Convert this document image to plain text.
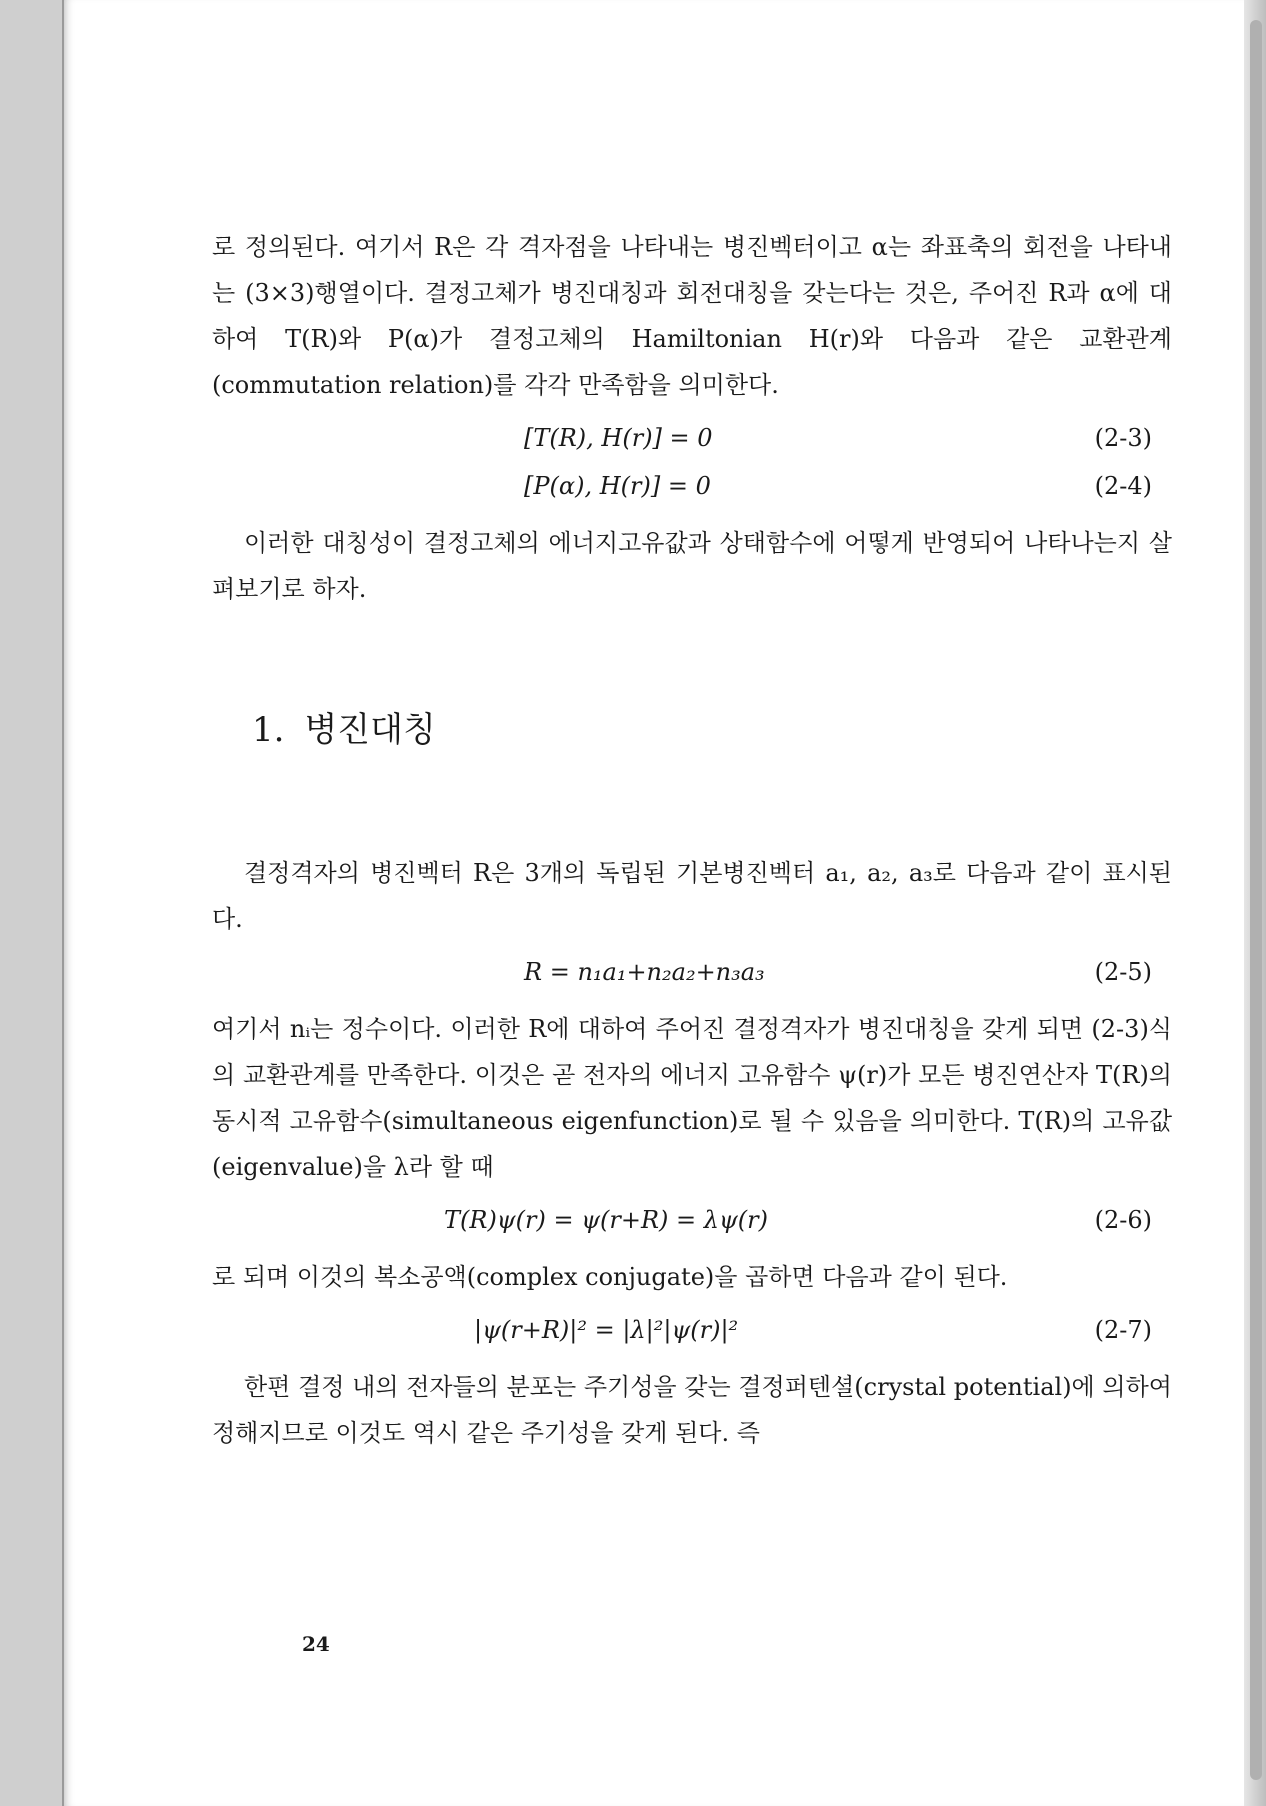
로 정의된다. 여기서 R은 각 격자점을 나타내는 병진벡터이고 α는 좌표축의 회전을 나타내는 (3×3)행열이다. 결정고체가 병진대칭과 회전대칭을 갖는다는 것은, 주어진 R과 α에 대하여 T(R)와 P(α)가 결정고체의 Hamiltonian H(r)와 다음과 같은 교환관계(commutation relation)를 각각 만족함을 의미한다.

[T(R), H(r)] = 0	(2-3)
[P(α), H(r)] = 0	(2-4)

이러한 대칭성이 결정고체의 에너지고유값과 상태함수에 어떻게 반영되어 나타나는지 살펴보기로 하자.

1. 병진대칭

결정격자의 병진벡터 R은 3개의 독립된 기본병진벡터 a₁, a₂, a₃로 다음과 같이 표시된다.

R = n₁a₁+n₂a₂+n₃a₃	(2-5)

여기서 nᵢ는 정수이다. 이러한 R에 대하여 주어진 결정격자가 병진대칭을 갖게 되면 (2-3)식의 교환관계를 만족한다. 이것은 곧 전자의 에너지 고유함수 ψ(r)가 모든 병진연산자 T(R)의 동시적 고유함수(simultaneous eigenfunction)로 될 수 있음을 의미한다. T(R)의 고유값(eigenvalue)을 λ라 할 때

T(R)ψ(r) = ψ(r+R) = λψ(r)	(2-6)

로 되며 이것의 복소공액(complex conjugate)을 곱하면 다음과 같이 된다.

|ψ(r+R)|² = |λ|²|ψ(r)|²	(2-7)

한편 결정 내의 전자들의 분포는 주기성을 갖는 결정퍼텐셜(crystal potential)에 의하여 정해지므로 이것도 역시 같은 주기성을 갖게 된다. 즉

24
